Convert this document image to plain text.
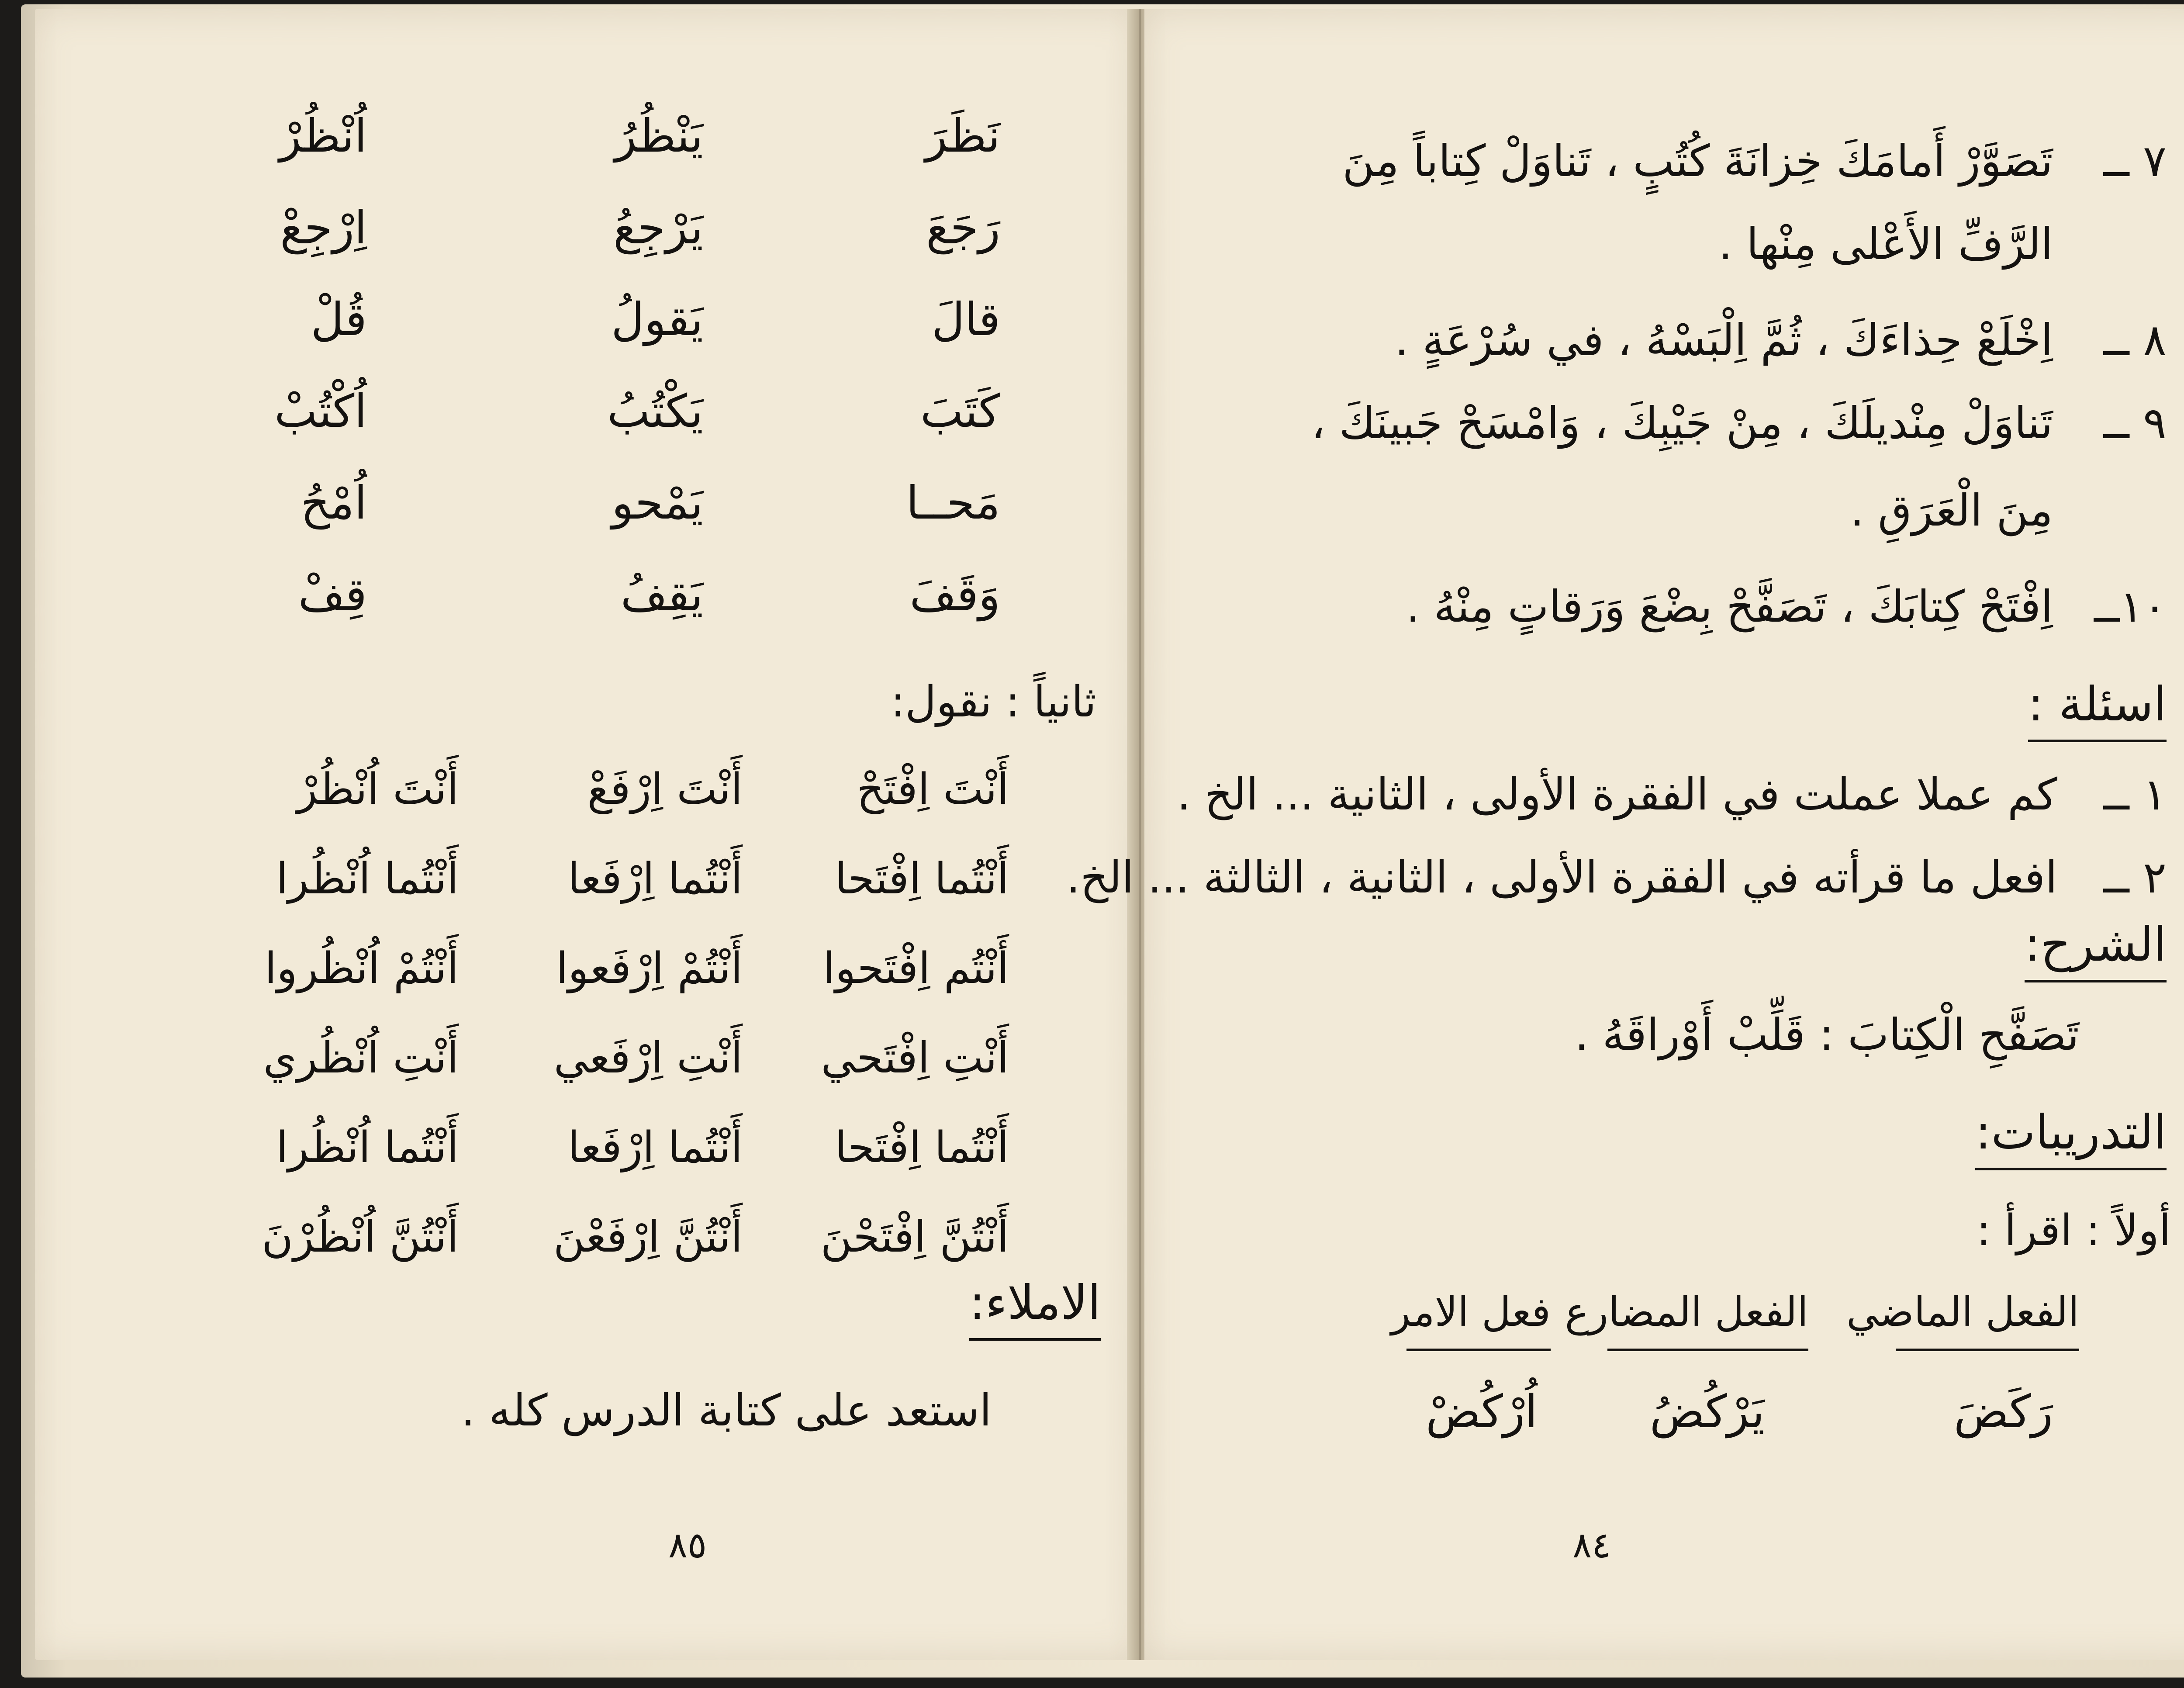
نَظَرَ
يَنْظُرُ
اُنْظُرْ
رَجَعَ
يَرْجِعُ
اِرْجِعْ
قالَ
يَقولُ
قُلْ
كَتَبَ
يَكْتُبُ
اُكْتُبْ
مَحــا
يَمْحو
اُمْحُ
وَقَفَ
يَقِفُ
قِفْ
ثانياً : نقول:
أَنْتَ اِفْتَحْ
أَنْتَ اِرْفَعْ
أَنْتَ اُنْظُرْ
أَنْتُما اِفْتَحا
أَنْتُما اِرْفَعا
أَنْتُما اُنْظُرا
أَنْتُم اِفْتَحوا
أَنْتُمْ اِرْفَعوا
أَنْتُمْ اُنْظُروا
أَنْتِ اِفْتَحي
أَنْتِ اِرْفَعي
أَنْتِ اُنْظُري
أَنْتُما اِفْتَحا
أَنْتُما اِرْفَعا
أَنْتُما اُنْظُرا
أَنْتُنَّ اِفْتَحْنَ
أَنْتُنَّ اِرْفَعْنَ
أَنْتُنَّ اُنْظُرْنَ
الاملاء:
استعد على كتابة الدرس كله .
٨٥
٧ ــ
تَصَوَّرْ أَمامَكَ خِزانَةَ كُتُبٍ ، تَناوَلْ كِتاباً مِنَ
الرَّفِّ الأَعْلى مِنْها .
٨ ــ
اِخْلَعْ حِذاءَكَ ، ثُمَّ اِلْبَسْهُ ، في سُرْعَةٍ .
٩ ــ
تَناوَلْ مِنْديلَكَ ، مِنْ جَيْبِكَ ، وَامْسَحْ جَبينَكَ ،
مِنَ الْعَرَقِ .
١٠ــ
اِفْتَحْ كِتابَكَ ، تَصَفَّحْ بِضْعَ وَرَقاتٍ مِنْهُ .
اسئلة :
١ ــ
كم عملا عملت في الفقرة الأولى ، الثانية ... الخ .
٢ ــ
افعل ما قرأته في الفقرة الأولى ، الثانية ، الثالثة ... الخ.
الشرح:
تَصَفَّحِ الْكِتابَ : قَلِّبْ أَوْراقَهُ .
التدريبات:
أولاً : اقرأ :
الفعل الماضي
الفعل المضارع
فعل الامر
رَكَضَ
يَرْكُضُ
اُرْكُضْ
٨٤
